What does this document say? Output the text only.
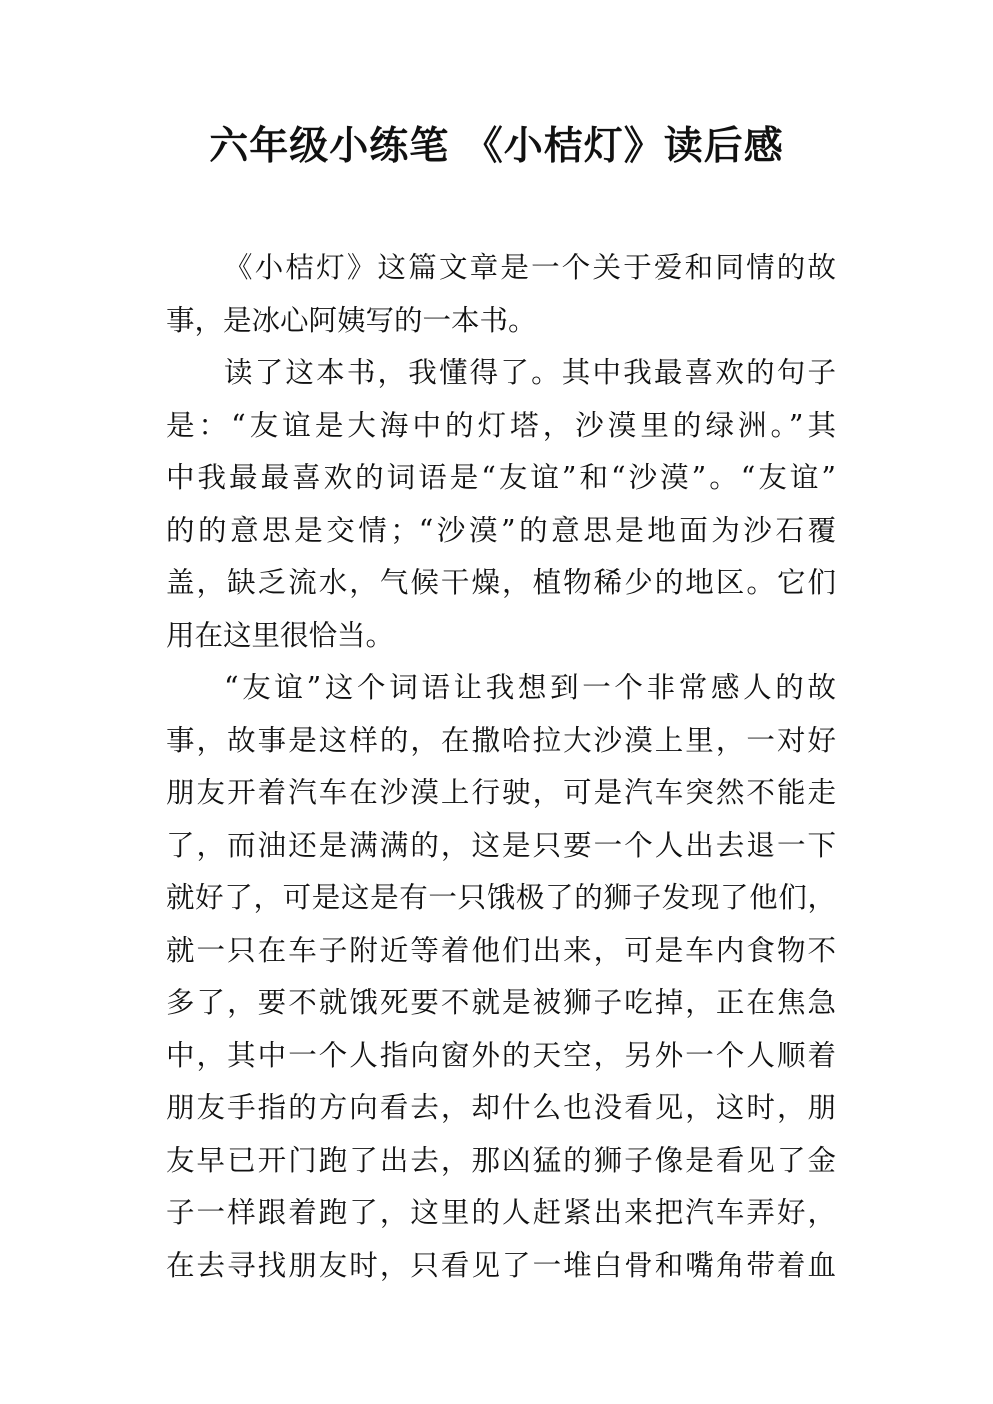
六年级小练笔 《小桔灯》读后感
《小桔灯》这篇文章是一个关于爱和同情的故
事，是冰心阿姨写的一本书。
读了这本书，我懂得了。其中我最喜欢的句子
是：“友谊是大海中的灯塔，沙漠里的绿洲。”其
中我最最喜欢的词语是“友谊”和“沙漠”。“友谊”
的的意思是交情；“沙漠”的意思是地面为沙石覆
盖，缺乏流水，气候干燥，植物稀少的地区。它们
用在这里很恰当。
“友谊”这个词语让我想到一个非常感人的故
事，故事是这样的，在撒哈拉大沙漠上里，一对好
朋友开着汽车在沙漠上行驶，可是汽车突然不能走
了，而油还是满满的，这是只要一个人出去退一下
就好了，可是这是有一只饿极了的狮子发现了他们，
就一只在车子附近等着他们出来，可是车内食物不
多了，要不就饿死要不就是被狮子吃掉，正在焦急
中，其中一个人指向窗外的天空，另外一个人顺着
朋友手指的方向看去，却什么也没看见，这时，朋
友早已开门跑了出去，那凶猛的狮子像是看见了金
子一样跟着跑了，这里的人赶紧出来把汽车弄好，
在去寻找朋友时，只看见了一堆白骨和嘴角带着血
